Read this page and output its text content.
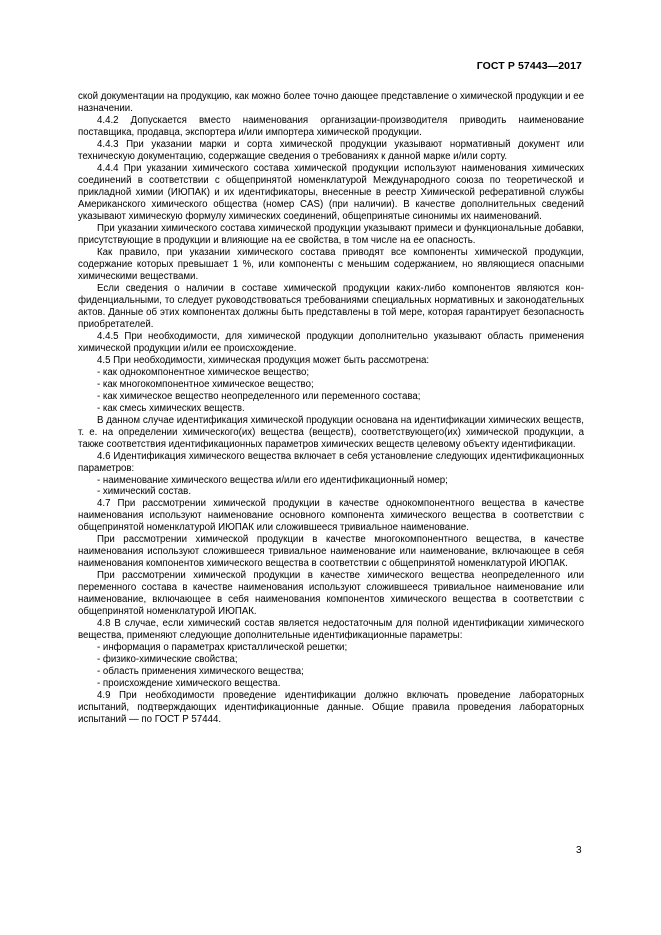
ГОСТ Р 57443—2017

ской документации на продукцию, как можно более точно дающее представление о химической продукции и ее назначении.

4.4.2 Допускается вместо наименования организации-производителя приводить наименование поставщика, продавца, экспортера и/или импортера химической продукции.

4.4.3 При указании марки и сорта химической продукции указывают нормативный документ или техническую документацию, содержащие сведения о требованиях к данной марке и/или сорту.

4.4.4 При указании химического состава химической продукции используют наименования химических соединений в соответствии с общепринятой номенклатурой Международного союза по теоретической и прикладной химии (ИЮПАК) и их идентификаторы, внесенные в реестр Химической реферативной службы Американского химического общества (номер CAS) (при наличии). В качестве дополнительных сведений указывают химическую формулу химических соединений, общепринятые синонимы их наименований.

При указании химического состава химической продукции указывают примеси и функциональные добавки, присутствующие в продукции и влияющие на ее свойства, в том числе на ее опасность.

Как правило, при указании химического состава приводят все компоненты химической продукции, содержание которых превышает 1 %, или компоненты с меньшим содержанием, но являющиеся опасными химическими веществами.

Если сведения о наличии в составе химической продукции каких-либо компонентов являются конфиденциальными, то следует руководствоваться требованиями специальных нормативных и законодательных актов. Данные об этих компонентах должны быть представлены в той мере, которая гарантирует безопасность приобретателей.

4.4.5 При необходимости, для химической продукции дополнительно указывают область применения химической продукции и/или ее происхождение.

4.5 При необходимости, химическая продукция может быть рассмотрена:

- как однокомпонентное химическое вещество;

- как многокомпонентное химическое вещество;

- как химическое вещество неопределенного или переменного состава;

- как смесь химических веществ.

В данном случае идентификация химической продукции основана на идентификации химических веществ, т. е. на определении химического(их) вещества (веществ), соответствующего(их) химической продукции, а также соответствия идентификационных параметров химических веществ целевому объекту идентификации.

4.6 Идентификация химического вещества включает в себя установление следующих идентификационных параметров:

- наименование химического вещества и/или его идентификационный номер;

- химический состав.

4.7 При рассмотрении химической продукции в качестве однокомпонентного вещества в качестве наименования используют наименование основного компонента химического вещества в соответствии с общепринятой номенклатурой ИЮПАК или сложившееся тривиальное наименование.

При рассмотрении химической продукции в качестве многокомпонентного вещества, в качестве наименования используют сложившееся тривиальное наименование или наименование, включающее в себя наименования компонентов химического вещества в соответствии с общепринятой номенклатурой ИЮПАК.

При рассмотрении химической продукции в качестве химического вещества неопределенного или переменного состава в качестве наименования используют сложившееся тривиальное наименование или наименование, включающее в себя наименования компонентов химического вещества в соответствии с общепринятой номенклатурой ИЮПАК.

4.8 В случае, если химический состав является недостаточным для полной идентификации химического вещества, применяют следующие дополнительные идентификационные параметры:

- информация о параметрах кристаллической решетки;

- физико-химические свойства;

- область применения химического вещества;

- происхождение химического вещества.

4.9 При необходимости проведение идентификации должно включать проведение лабораторных испытаний, подтверждающих идентификационные данные. Общие правила проведения лабораторных испытаний — по ГОСТ Р 57444.

3
